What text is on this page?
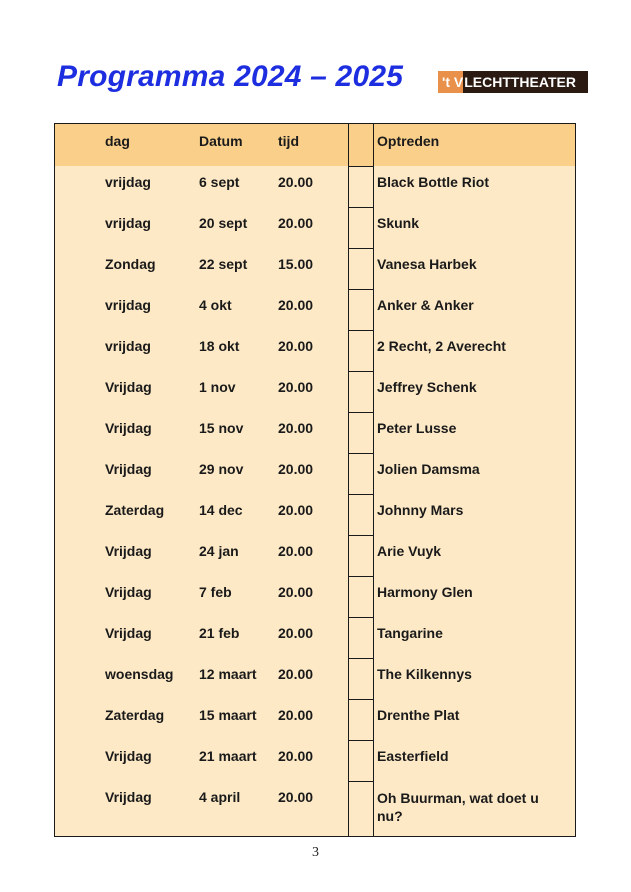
Programma 2024 – 2025	't V LECHTTHEATER
dag	Datum	tijd	Optreden
vrijdag	6 sept	20.00	Black Bottle Riot
vrijdag	20 sept 20.00	Skunk
Zondag	22 sept 15.00	Vanesa Harbek
vrijdag	4 okt	20.00	Anker & Anker
vrijdag	18 okt	20.00	2 Recht, 2 Averecht
Vrijdag	1 nov	20.00	Jeffrey Schenk
Vrijdag	15 nov 20.00	Peter Lusse
Vrijdag	29 nov 20.00	Jolien Damsma
Zaterdag 14 dec	20.00	Johnny Mars
Vrijdag	24 jan	20.00	Arie Vuyk
Vrijdag	7 feb	20.00	Harmony Glen
Vrijdag	21 feb	20.00	Tangarine
woensdag 12 maart 20.00	The Kilkennys
Zaterdag 15 maart 20.00	Drenthe Plat
Vrijdag	21 maart 20.00	Easterfield
Vrijdag	4 april	20.00	Oh Buurman, wat doet u nu?
3
